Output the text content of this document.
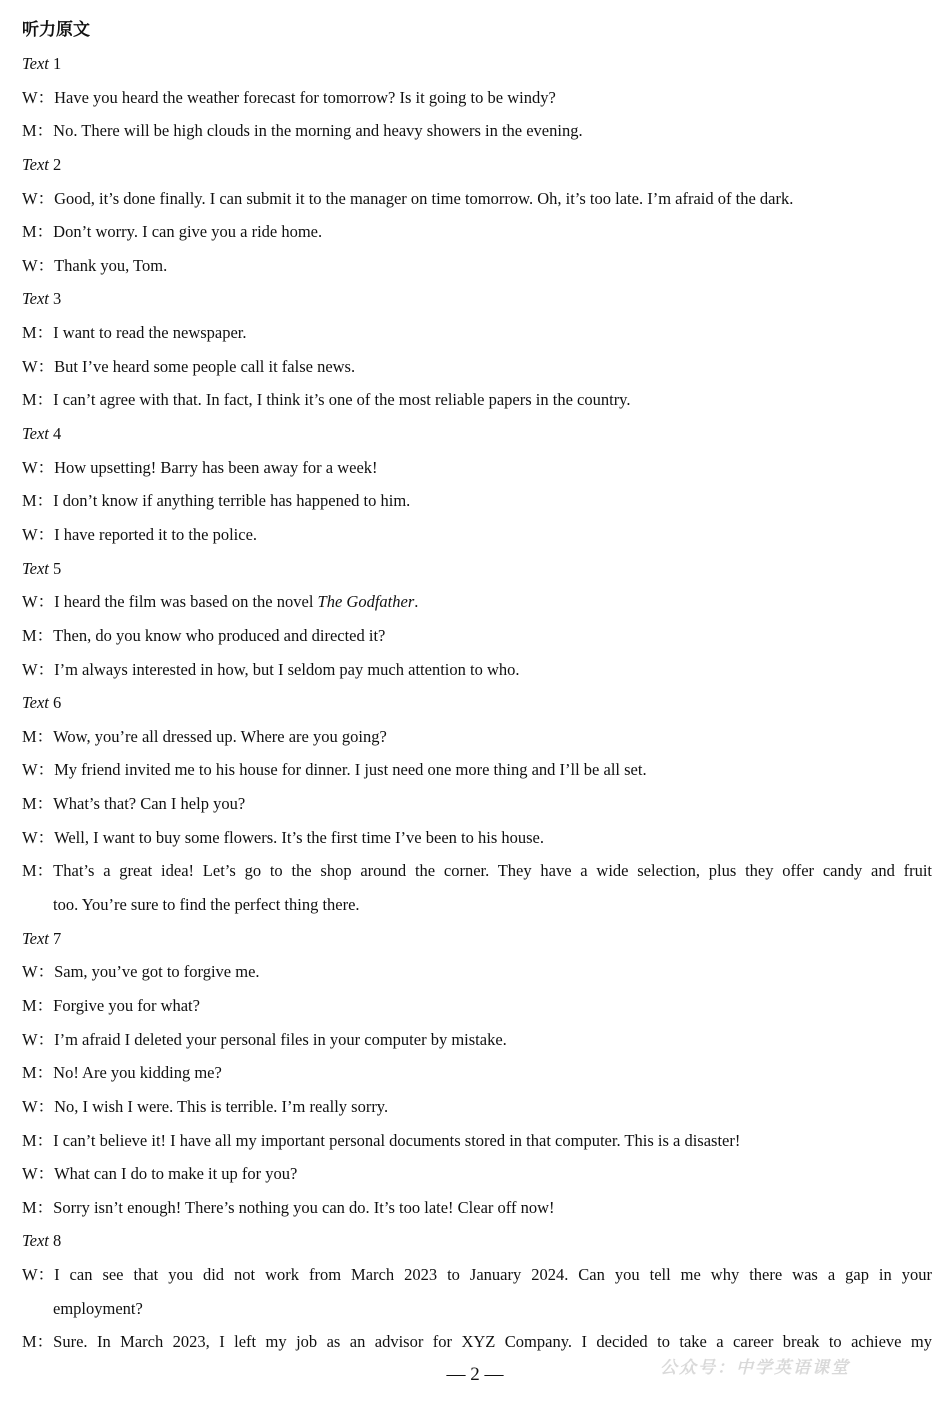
听力原文
Text 1
W：Have you heard the weather forecast for tomorrow? Is it going to be windy?
M：No. There will be high clouds in the morning and heavy showers in the evening.
Text 2
W：Good, it’s done finally. I can submit it to the manager on time tomorrow. Oh, it’s too late. I’m afraid of the dark.
M：Don’t worry. I can give you a ride home.
W：Thank you, Tom.
Text 3
M：I want to read the newspaper.
W：But I’ve heard some people call it false news.
M：I can’t agree with that. In fact, I think it’s one of the most reliable papers in the country.
Text 4
W：How upsetting! Barry has been away for a week!
M：I don’t know if anything terrible has happened to him.
W：I have reported it to the police.
Text 5
W：I heard the film was based on the novel The Godfather.
M：Then, do you know who produced and directed it?
W：I’m always interested in how, but I seldom pay much attention to who.
Text 6
M：Wow, you’re all dressed up. Where are you going?
W：My friend invited me to his house for dinner. I just need one more thing and I’ll be all set.
M：What’s that? Can I help you?
W：Well, I want to buy some flowers. It’s the first time I’ve been to his house.
M：That’s a great idea! Let’s go to the shop around the corner. They have a wide selection, plus they offer candy and fruit
too. You’re sure to find the perfect thing there.
Text 7
W：Sam, you’ve got to forgive me.
M：Forgive you for what?
W：I’m afraid I deleted your personal files in your computer by mistake.
M：No! Are you kidding me?
W：No, I wish I were. This is terrible. I’m really sorry.
M：I can’t believe it! I have all my important personal documents stored in that computer. This is a disaster!
W：What can I do to make it up for you?
M：Sorry isn’t enough! There’s nothing you can do. It’s too late! Clear off now!
Text 8
W：I can see that you did not work from March 2023 to January 2024. Can you tell me why there was a gap in your
employment?
M：Sure. In March 2023, I left my job as an advisor for XYZ Company. I decided to take a career break to achieve my
— 2 —	公众号：中学英语课堂
